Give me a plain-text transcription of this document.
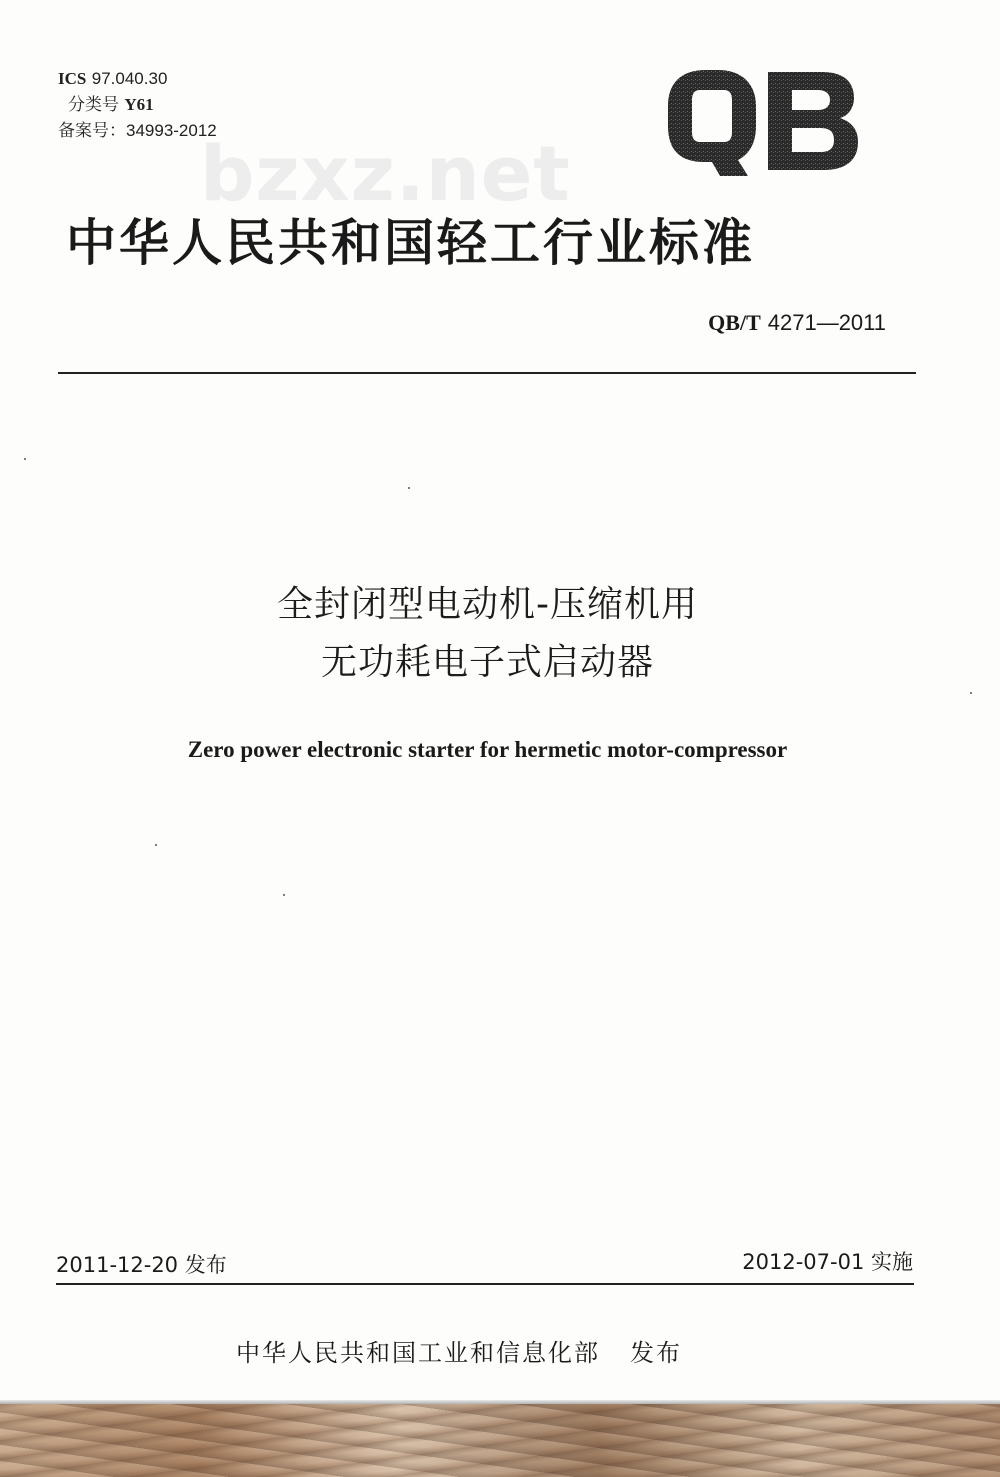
ICS 97.040.30
分类号 Y61
备案号：34993-2012
bzxz.net
中华人民共和国轻工行业标准
QB/T 4271—2011
全封闭型电动机-压缩机用
无功耗电子式启动器
Zero power electronic starter for hermetic motor-compressor
2011-12-20 发布	2012-07-01 实施
中华人民共和国工业和信息化部 发布
